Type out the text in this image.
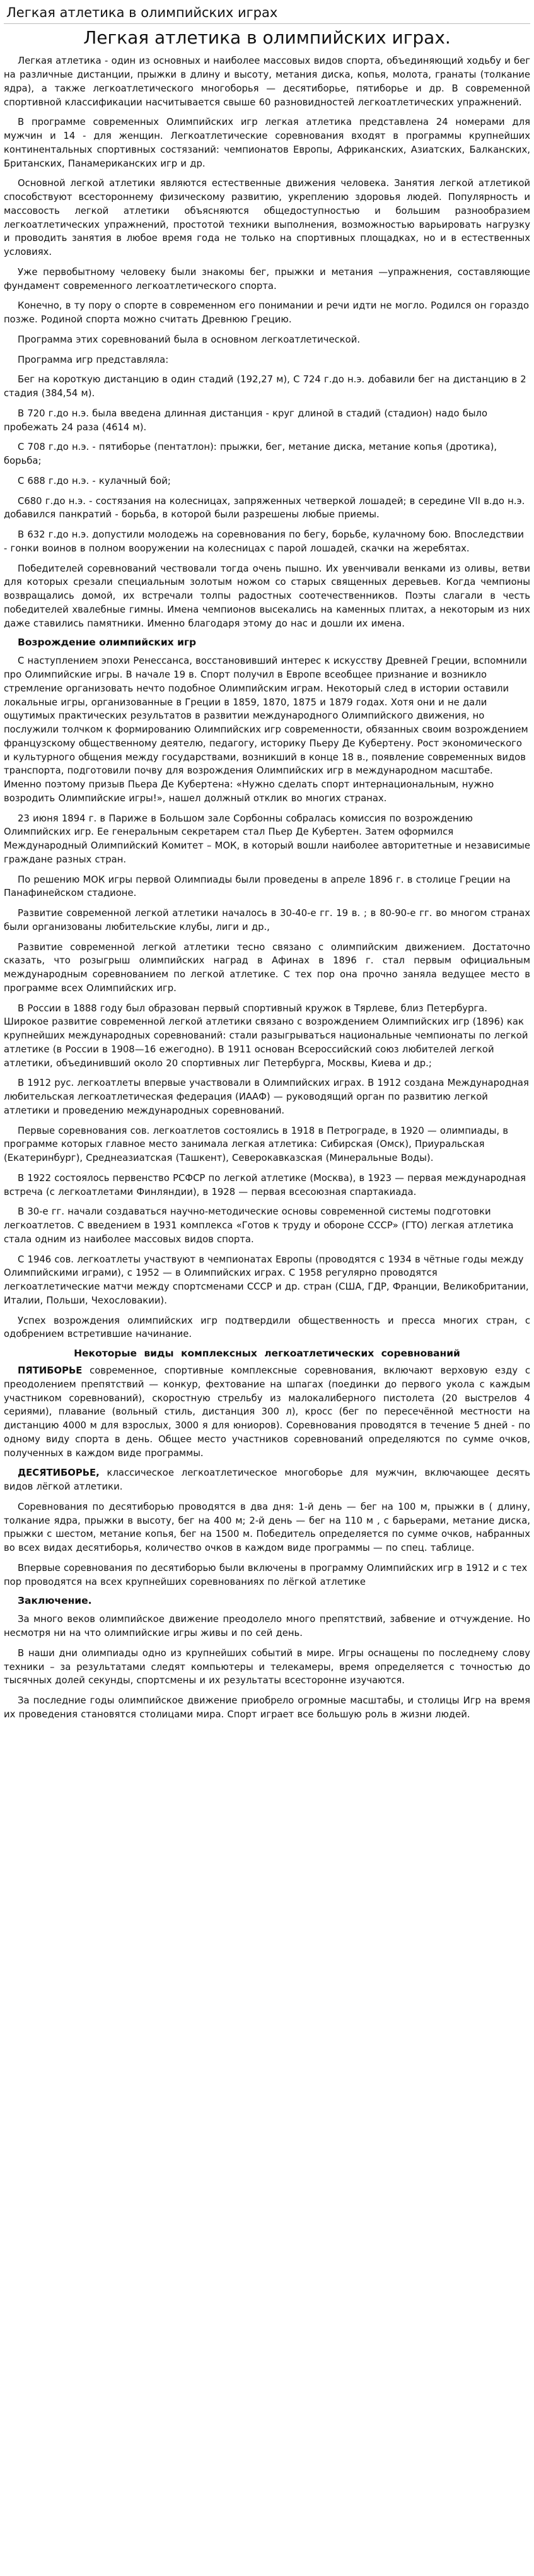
Легкая атлетика в олимпийских играх
Легкая атлетика в олимпийских играх.

Легкая атлетика - один из основных и наиболее массовых видов спорта, объединяющий ходьбу и бег на различные дистанции, прыжки в длину и высоту, метания диска, копья, молота, гранаты (толкание ядра), а также легкоатлетического многоборья — десятиборье, пятиборье и др. В современной спортивной классификации насчитывается свыше 60 разновидностей легкоатлетических упражнений.

В программе современных Олимпийских игр легкая атлетика представлена 24 номерами для мужчин и 14 - для женщин. Легкоатлетические соревнования входят в программы крупнейших континентальных спортивных состязаний: чемпионатов Европы, Африканских, Азиатских, Балканских, Британских, Панамериканских игр и др.

Основной легкой атлетики являются естественные движения человека. Занятия легкой атлетикой способствуют всестороннему физическому развитию, укреплению здоровья людей. Популярность и массовость легкой атлетики объясняются общедоступностью и большим разнообразием легкоатлетических упражнений, простотой техники выполнения, возможностью варьировать нагрузку и проводить занятия в любое время года не только на спортивных площадках, но и в естественных условиях.

Уже первобытному человеку были знакомы бег, прыжки и метания —упражнения, составляющие фундамент современного легкоатлетического спорта.

Конечно, в ту пору о спорте в современном его понимании и речи идти не могло. Родился он гораздо позже. Родиной спорта можно считать Древнюю Грецию.

Программа этих соревнований была в основном легкоатлетической.

Программа игр представляла:

Бег на короткую дистанцию в один стадий (192,27 м), С 724 г.до н.э. добавили бег на дистанцию в 2 стадия (384,54 м).

В 720 г.до н.э. была введена длинная дистанция - круг длиной в стадий (стадион) надо было пробежать 24 раза (4614 м).

С 708 г.до н.э. - пятиборье (пентатлон): прыжки, бег, метание диска, метание копья (дротика), борьба;

С 688 г.до н.э. - кулачный бой;

С680 г.до н.э. - состязания на колесницах, запряженных четверкой лошадей; в середине VII в.до н.э. добавился панкратий - борьба, в которой были разрешены любые приемы.

В 632 г.до н.э. допустили молодежь на соревнования по бегу, борьбе, кулачному бою. Впоследствии - гонки воинов в полном вооружении на колесницах с парой лошадей, скачки на жеребятах.

Победителей соревнований чествовали тогда очень пышно. Их увенчивали венками из оливы, ветви для которых срезали специальным золотым ножом со старых священных деревьев. Когда чемпионы возвращались домой, их встречали толпы радостных соотечественников. Поэты слагали в честь победителей хвалебные гимны. Имена чемпионов высекались на каменных плитах, а некоторым из них даже ставились памятники. Именно благодаря этому до нас и дошли их имена.

Возрождение олимпийских игр

С наступлением эпохи Ренессанса, восстановивший интерес к искусству Древней Греции, вспомнили про Олимпийские игры. В начале 19 в. Спорт получил в Европе всеобщее признание и возникло стремление организовать нечто подобное Олимпийским играм. Некоторый след в истории оставили локальные игры, организованные в Греции в 1859, 1870, 1875 и 1879 годах. Хотя они и не дали ощутимых практических результатов в развитии международного Олимпийского движения, но послужили толчком к формированию Олимпийских игр современности, обязанных своим возрождением французскому общественному деятелю, педагогу, историку Пьеру Де Кубертену. Рост экономического и культурного общения между государствами, возникший в конце 18 в., появление современных видов транспорта, подготовили почву для возрождения Олимпийских игр в международном масштабе. Именно поэтому призыв Пьера Де Кубертена: «Нужно сделать спорт интернациональным, нужно возродить Олимпийские игры!», нашел должный отклик во многих странах.

23 июня 1894 г. в Париже в Большом зале Сорбонны собралась комиссия по возрождению Олимпийских игр. Ее генеральным секретарем стал Пьер Де Кубертен. Затем оформился Международный Олимпийский Комитет – МОК, в который вошли наиболее авторитетные и независимые граждане разных стран.

По решению МОК игры первой Олимпиады были проведены в апреле 1896 г. в столице Греции на Панафинейском стадионе.

Развитие современной легкой атлетики началось в 30-40-е гг. 19 в. ; в 80-90-е гг. во многом странах были организованы любительские клубы, лиги и др.,

Развитие современной легкой атлетики тесно связано с олимпийским движением. Достаточно сказать, что розыгрыш олимпийских наград в Афинах в 1896 г. стал первым официальным международным соревнованием по легкой атлетике. С тех пор она прочно заняла ведущее место в программе всех Олимпийских игр.

В России в 1888 году был образован первый спортивный кружок в Тярлеве, близ Петербурга. Широкое развитие современной легкой атлетики связано с возрождением Олимпийских игр (1896) как крупнейших международных соревнований: стали разыгрываться национальные чемпионаты по легкой атлетике (в России в 1908—16 ежегодно). В 1911 основан Всероссийский союз любителей легкой атлетики, объединивший около 20 спортивных лиг Петербурга, Москвы, Киева и др.;

В 1912 рус. легкоатлеты впервые участвовали в Олимпийских играх. В 1912 создана Международная любительская легкоатлетическая федерация (ИААФ) — руководящий орган по развитию легкой атлетики и проведению международных соревнований.

Первые соревнования сов. легкоатлетов состоялись в 1918 в Петрограде, в 1920 — олимпиады, в программе которых главное место занимала легкая атлетика: Сибирская (Омск), Приуральская (Екатеринбург), Среднеазиатская (Ташкент), Северокавказская (Минеральные Воды).

В 1922 состоялось первенство РСФСР по легкой атлетике (Москва), в 1923 — первая международная встреча (с легкоатлетами Финляндии), в 1928 — первая всесоюзная спартакиада.

В 30-е гг. начали создаваться научно-методические основы современной системы подготовки легкоатлетов. С введением в 1931 комплекса «Готов к труду и обороне СССР» (ГТО) легкая атлетика стала одним из наиболее массовых видов спорта.

С 1946 сов. легкоатлеты участвуют в чемпионатах Европы (проводятся с 1934 в чётные годы между Олимпийскими играми), с 1952 — в Олимпийских играх. С 1958 регулярно проводятся легкоатлетические матчи между спортсменами СССР и др. стран (США, ГДР, Франции, Великобритании, Италии, Польши, Чехословакии).

Успех возрождения олимпийских игр подтвердили общественность и пресса многих стран, с одобрением встретившие начинание.

Некоторые виды комплексных легкоатлетических соревнований

ПЯТИБОРЬЕ современное, спортивные комплексные соревнования, включают верховую езду с преодолением препятствий — конкур, фехтование на шпагах (поединки до первого укола с каждым участником соревнований), скоростную стрельбу из малокалиберного пистолета (20 выстрелов 4 сериями), плавание (вольный стиль, дистанция 300 л), кросс (бег по пересечённой местности на дистанцию 4000 м для взрослых, 3000 я для юниоров). Соревнования проводятся в течение 5 дней - по одному виду спорта в день. Общее место участников соревнований определяются по сумме очков, полученных в каждом виде программы.

ДЕСЯТИБОРЬЕ, классическое легкоатлетическое многоборье для мужчин, включающее десять видов лёгкой атлетики.

Соревнования по десятиборью проводятся в два дня: 1-й день — бег на 100 м, прыжки в ( длину, толкание ядра, прыжки в высоту, бег на 400 м; 2-й день — бег на 110 м , с барьерами, метание диска, прыжки с шестом, метание копья, бег на 1500 м. Победитель определяется по сумме очков, набранных во всех видах десятиборья, количество очков в каждом виде программы — по спец. таблице.

Впервые соревнования по десятиборью были включены в программу Олимпийских игр в 1912 и с тех пор проводятся на всех крупнейших соревнованиях по лёгкой атлетике

Заключение.

За много веков олимпийское движение преодолело много препятствий, забвение и отчуждение. Но несмотря ни на что олимпийские игры живы и по сей день.

В наши дни олимпиады одно из крупнейших событий в мире. Игры оснащены по последнему слову техники – за результатами следят компьютеры и телекамеры, время определяется с точностью до тысячных долей секунды, спортсмены и их результаты всесторонне изучаются.

За последние годы олимпийское движение приобрело огромные масштабы, и столицы Игр на время их проведения становятся столицами мира. Спорт играет все большую роль в жизни людей.
